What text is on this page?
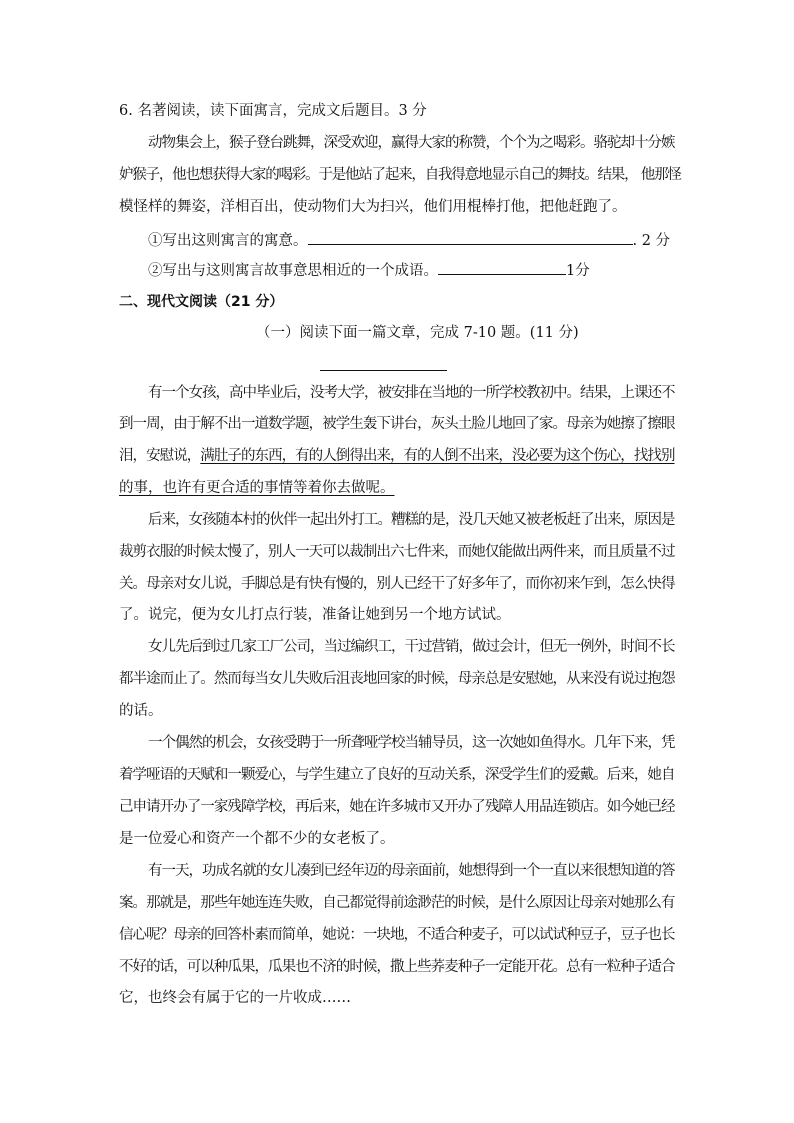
6. 名著阅读，读下面寓言，完成文后题目。3 分
动物集会上，猴子登台跳舞，深受欢迎，赢得大家的称赞，个个为之喝彩。骆驼却十分嫉
妒猴子，他也想获得大家的喝彩。于是他站了起来，自我得意地显示自己的舞技。结果， 他那怪
模怪样的舞姿，洋相百出，使动物们大为扫兴，他们用棍棒打他，把他赶跑了。
①写出这则寓言的寓意。	. 2 分
②写出与这则寓言故事意思相近的一个成语。	1分
二、现代文阅读（21 分）
（一）阅读下面一篇文章，完成 7-10 题。(11 分)
有一个女孩，高中毕业后，没考大学，被安排在当地的一所学校教初中。结果，上课还不
到一周，由于解不出一道数学题，被学生轰下讲台，灰头土脸儿地回了家。母亲为她擦了擦眼
泪，安慰说，满肚子的东西，有的人倒得出来，有的人倒不出来，没必要为这个伤心，找找别
的事，也许有更合适的事情等着你去做呢。
后来，女孩随本村的伙伴一起出外打工。糟糕的是，没几天她又被老板赶了出来，原因是
裁剪衣服的时候太慢了，别人一天可以裁制出六七件来，而她仅能做出两件来，而且质量不过
关。母亲对女儿说，手脚总是有快有慢的，别人已经干了好多年了，而你初来乍到，怎么快得
了。说完，便为女儿打点行装，准备让她到另一个地方试试。
女儿先后到过几家工厂公司，当过编织工，干过营销，做过会计，但无一例外，时间不长
都半途而止了。然而每当女儿失败后沮丧地回家的时候，母亲总是安慰她，从来没有说过抱怨
的话。
一个偶然的机会，女孩受聘于一所聋哑学校当辅导员，这一次她如鱼得水。几年下来，凭
着学哑语的天赋和一颗爱心，与学生建立了良好的互动关系，深受学生们的爱戴。后来，她自
己申请开办了一家残障学校，再后来，她在许多城市又开办了残障人用品连锁店。如今她已经
是一位爱心和资产一个都不少的女老板了。
有一天，功成名就的女儿凑到已经年迈的母亲面前，她想得到一个一直以来很想知道的答
案。那就是，那些年她连连失败，自己都觉得前途渺茫的时候，是什么原因让母亲对她那么有
信心呢？母亲的回答朴素而简单，她说：一块地，不适合种麦子，可以试试种豆子，豆子也长
不好的话，可以种瓜果，瓜果也不济的时候，撒上些荞麦种子一定能开花。总有一粒种子适合
它，也终会有属于它的一片收成……
